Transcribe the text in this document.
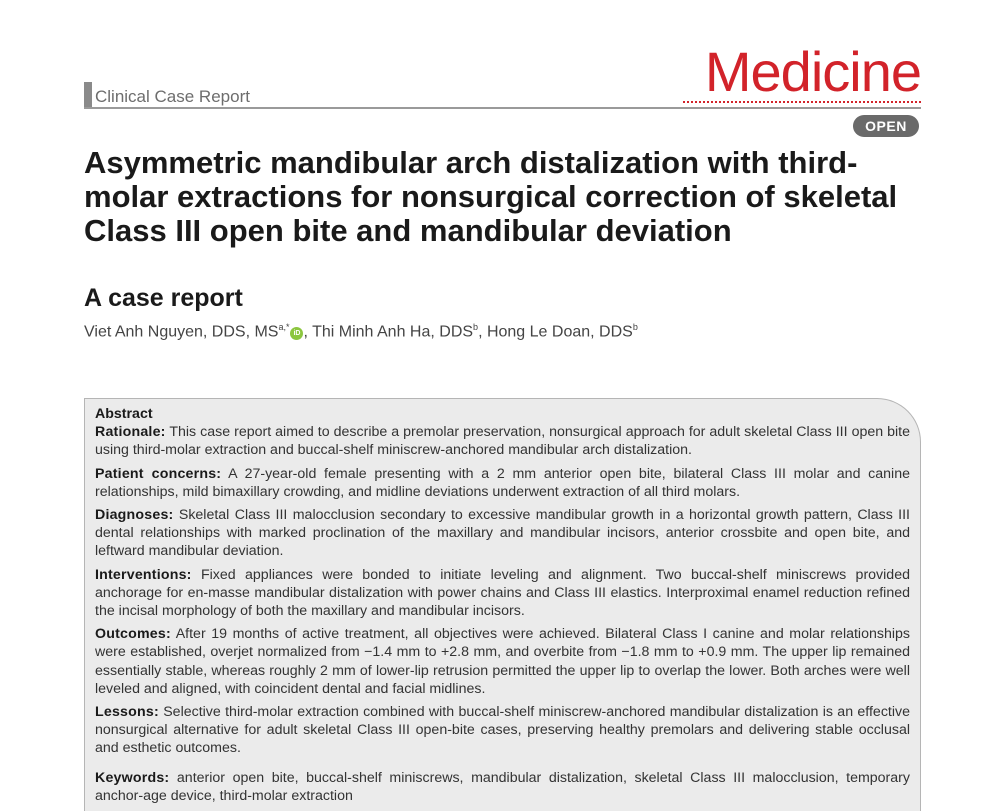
Clinical Case Report	Medicine
OPEN
Asymmetric mandibular arch distalization with third-molar extractions for nonsurgical correction of skeletal Class III open bite and mandibular deviation
A case report
Viet Anh Nguyen, DDS, $MS^{a,*}iD$ , Thi Minh Anh Ha, DDS$^b$, Hong Le Doan, DDS$^b$

Abstract

Rationale: This case report aimed to describe a premolar preservation, nonsurgical approach for adult skeletal Class III open bite using third-molar extraction and buccal-shelf miniscrew-anchored mandibular arch distalization.

Patient concerns: A 27-year-old female presenting with a 2 mm anterior open bite, bilateral Class III molar and canine relationships, mild bimaxillary crowding, and midline deviations underwent extraction of all third molars.

Diagnoses: Skeletal Class III malocclusion secondary to excessive mandibular growth in a horizontal growth pattern, Class III dental relationships with marked proclination of the maxillary and mandibular incisors, anterior crossbite and open bite, and leftward mandibular deviation.

Interventions: Fixed appliances were bonded to initiate leveling and alignment. Two buccal-shelf miniscrews provided anchorage for en-masse mandibular distalization with power chains and Class III elastics. Interproximal enamel reduction refined the incisal morphology of both the maxillary and mandibular incisors.

Outcomes: After 19 months of active treatment, all objectives were achieved. Bilateral Class I canine and molar relationships were established, overjet normalized from −1.4 mm to +2.8 mm, and overbite from −1.8 mm to +0.9 mm. The upper lip remained essentially stable, whereas roughly 2 mm of lower-lip retrusion permitted the upper lip to overlap the lower. Both arches were well leveled and aligned, with coincident dental and facial midlines.

Lessons: Selective third-molar extraction combined with buccal-shelf miniscrew-anchored mandibular distalization is an effective nonsurgical alternative for adult skeletal Class III open-bite cases, preserving healthy premolars and delivering stable occlusal and esthetic outcomes.

Keywords: anterior open bite, buccal-shelf miniscrews, mandibular distalization, skeletal Class III malocclusion, temporary anchor-age device, third-molar extraction
